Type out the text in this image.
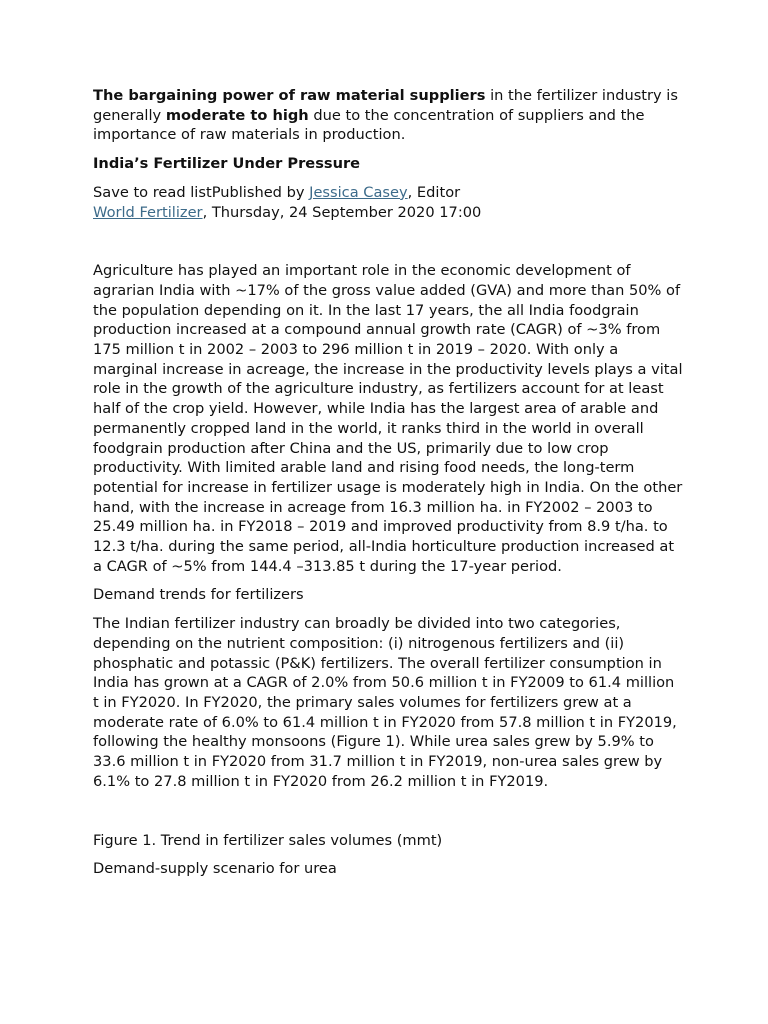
The bargaining power of raw material suppliers in the fertilizer industry is generally moderate to high due to the concentration of suppliers and the importance of raw materials in production.

India’s Fertilizer Under Pressure

Save to read listPublished by Jessica Casey, Editor
World Fertilizer, Thursday, 24 September 2020 17:00

Agriculture has played an important role in the economic development of agrarian India with ~17% of the gross value added (GVA) and more than 50% of the population depending on it. In the last 17 years, the all India foodgrain production increased at a compound annual growth rate (CAGR) of ~3% from 175 million t in 2002 – 2003 to 296 million t in 2019 – 2020. With only a marginal increase in acreage, the increase in the productivity levels plays a vital role in the growth of the agriculture industry, as fertilizers account for at least half of the crop yield. However, while India has the largest area of arable and permanently cropped land in the world, it ranks third in the world in overall foodgrain production after China and the US, primarily due to low crop productivity. With limited arable land and rising food needs, the long-term potential for increase in fertilizer usage is moderately high in India. On the other hand, with the increase in acreage from 16.3 million ha. in FY2002 – 2003 to 25.49 million ha. in FY2018 – 2019 and improved productivity from 8.9 t/ha. to 12.3 t/ha. during the same period, all-India horticulture production increased at a CAGR of ~5% from 144.4 –313.85 t during the 17-year period.

Demand trends for fertilizers

The Indian fertilizer industry can broadly be divided into two categories, depending on the nutrient composition: (i) nitrogenous fertilizers and (ii) phosphatic and potassic (P&K) fertilizers. The overall fertilizer consumption in India has grown at a CAGR of 2.0% from 50.6 million t in FY2009 to 61.4 million t in FY2020. In FY2020, the primary sales volumes for fertilizers grew at a moderate rate of 6.0% to 61.4 million t in FY2020 from 57.8 million t in FY2019, following the healthy monsoons (Figure 1). While urea sales grew by 5.9% to 33.6 million t in FY2020 from 31.7 million t in FY2019, non-urea sales grew by 6.1% to 27.8 million t in FY2020 from 26.2 million t in FY2019.

Figure 1. Trend in fertilizer sales volumes (mmt)

Demand-supply scenario for urea
